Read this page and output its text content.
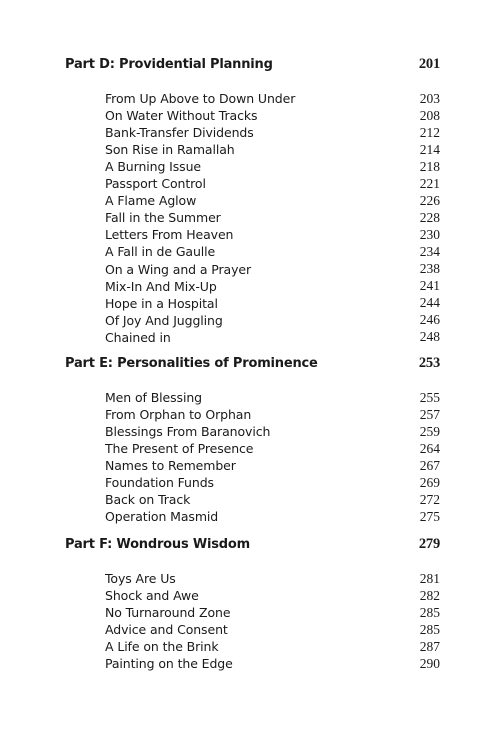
Part D: Providential Planning	201
From Up Above to Down Under	203
On Water Without Tracks	208
Bank-Transfer Dividends	212
Son Rise in Ramallah	214
A Burning Issue	218
Passport Control	221
A Flame Aglow	226
Fall in the Summer	228
Letters From Heaven	230
A Fall in de Gaulle	234
On a Wing and a Prayer	238
Mix-In And Mix-Up	241
Hope in a Hospital	244
Of Joy And Juggling	246
Chained in	248
Part E: Personalities of Prominence	253
Men of Blessing	255
From Orphan to Orphan	257
Blessings From Baranovich	259
The Present of Presence	264
Names to Remember	267
Foundation Funds	269
Back on Track	272
Operation Masmid	275
Part F: Wondrous Wisdom	279
Toys Are Us	281
Shock and Awe	282
No Turnaround Zone	285
Advice and Consent	285
A Life on the Brink	287
Painting on the Edge	290
